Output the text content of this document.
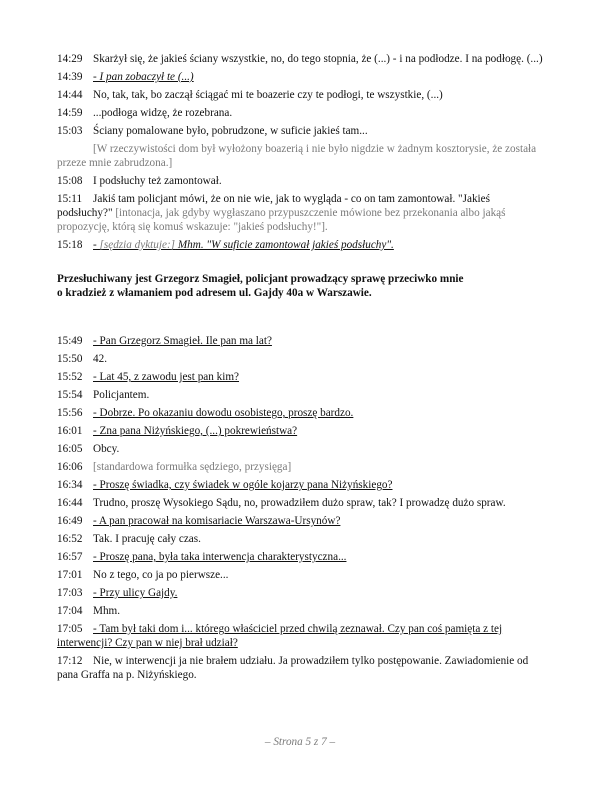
14:29 Skarżył się, że jakieś ściany wszystkie, no, do tego stopnia, że (...) - i na podłodze. I na podłogę. (...)
14:39 - I pan zobaczył te (...)
14:44 No, tak, tak, bo zaczął ściągać mi te boazerie czy te podłogi, te wszystkie, (...)
14:59 ...podłoga widzę, że rozebrana.
15:03 Ściany pomalowane było, pobrudzone, w suficie jakieś tam...
[W rzeczywistości dom był wyłożony boazerią i nie było nigdzie w żadnym kosztorysie, że została przeze mnie zabrudzona.]
15:08 I podsłuchy też zamontował.
15:11 Jakiś tam policjant mówi, że on nie wie, jak to wygląda - co on tam zamontował. "Jakieś podsłuchy?" [intonacja, jak gdyby wygłaszano przypuszczenie mówione bez przekonania albo jakąś propozycję, którą się komuś wskazuje: "jakieś podsłuchy!"].
15:18 - [sędzia dyktuje:] Mhm. "W suficie zamontował jakieś podsłuchy".
Przesłuchiwany jest Grzegorz Smagieł, policjant prowadzący sprawę przeciwko mnie
o kradzież z włamaniem pod adresem ul. Gajdy 40a w Warszawie.
15:49 - Pan Grzegorz Smagieł. Ile pan ma lat?
15:50 42.
15:52 - Lat 45, z zawodu jest pan kim?
15:54 Policjantem.
15:56 - Dobrze. Po okazaniu dowodu osobistego, proszę bardzo.
16:01 - Zna pana Niżyńskiego, (...) pokrewieństwa?
16:05 Obcy.
16:06 [standardowa formułka sędziego, przysięga]
16:34 - Proszę świadka, czy świadek w ogóle kojarzy pana Niżyńskiego?
16:44 Trudno, proszę Wysokiego Sądu, no, prowadziłem dużo spraw, tak? I prowadzę dużo spraw.
16:49 - A pan pracował na komisariacie Warszawa-Ursynów?
16:52 Tak. I pracuję cały czas.
16:57 - Proszę pana, była taka interwencja charakterystyczna...
17:01 No z tego, co ja po pierwsze...
17:03 - Przy ulicy Gajdy.
17:04 Mhm.
17:05 - Tam był taki dom i... którego właściciel przed chwilą zeznawał. Czy pan coś pamięta z tej interwencji? Czy pan w niej brał udział?
17:12 Nie, w interwencji ja nie brałem udziału. Ja prowadziłem tylko postępowanie. Zawiadomienie od pana Graffa na p. Niżyńskiego.
– Strona 5 z 7 –
